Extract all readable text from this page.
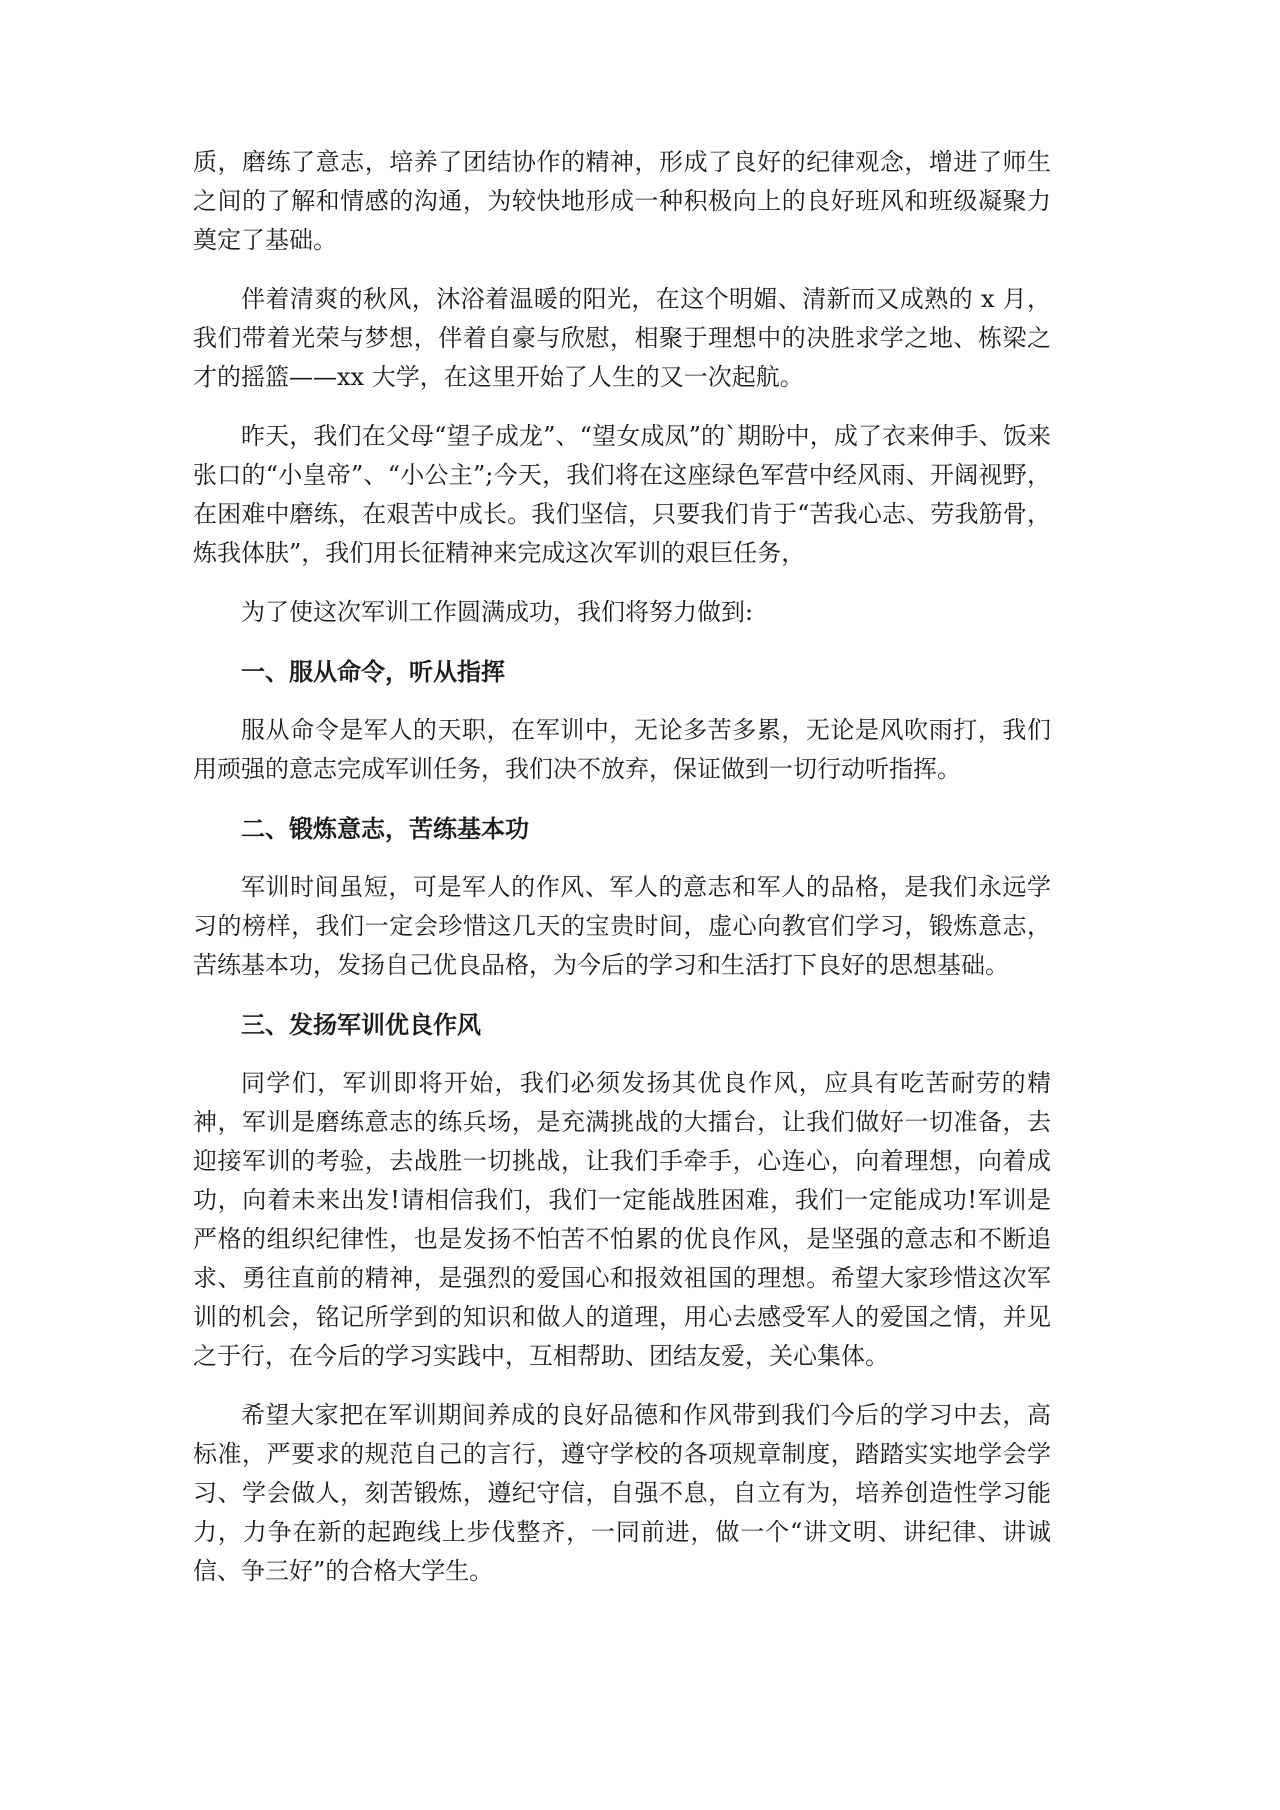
质，磨练了意志，培养了团结协作的精神，形成了良好的纪律观念，增进了师生之间的了解和情感的沟通，为较快地形成一种积极向上的良好班风和班级凝聚力奠定了基础。

伴着清爽的秋风，沐浴着温暖的阳光，在这个明媚、清新而又成熟的 x 月，我们带着光荣与梦想，伴着自豪与欣慰，相聚于理想中的决胜求学之地、栋梁之才的摇篮——xx 大学，在这里开始了人生的又一次起航。

昨天，我们在父母“望子成龙”、“望女成凤”的`期盼中，成了衣来伸手、饭来张口的“小皇帝”、“小公主”;今天，我们将在这座绿色军营中经风雨、开阔视野，在困难中磨练，在艰苦中成长。我们坚信，只要我们肯于“苦我心志、劳我筋骨，炼我体肤”，我们用长征精神来完成这次军训的艰巨任务，

为了使这次军训工作圆满成功，我们将努力做到:

一、服从命令，听从指挥

服从命令是军人的天职，在军训中，无论多苦多累，无论是风吹雨打，我们用顽强的意志完成军训任务，我们决不放弃，保证做到一切行动听指挥。

二、锻炼意志，苦练基本功

军训时间虽短，可是军人的作风、军人的意志和军人的品格，是我们永远学习的榜样，我们一定会珍惜这几天的宝贵时间，虚心向教官们学习，锻炼意志，苦练基本功，发扬自己优良品格，为今后的学习和生活打下良好的思想基础。

三、发扬军训优良作风

同学们，军训即将开始，我们必须发扬其优良作风，应具有吃苦耐劳的精神，军训是磨练意志的练兵场，是充满挑战的大擂台，让我们做好一切准备，去迎接军训的考验，去战胜一切挑战，让我们手牵手，心连心，向着理想，向着成功，向着未来出发!请相信我们，我们一定能战胜困难，我们一定能成功!军训是严格的组织纪律性，也是发扬不怕苦不怕累的优良作风，是坚强的意志和不断追求、勇往直前的精神，是强烈的爱国心和报效祖国的理想。希望大家珍惜这次军训的机会，铭记所学到的知识和做人的道理，用心去感受军人的爱国之情，并见之于行，在今后的学习实践中，互相帮助、团结友爱，关心集体。

希望大家把在军训期间养成的良好品德和作风带到我们今后的学习中去，高标准，严要求的规范自己的言行，遵守学校的各项规章制度，踏踏实实地学会学习、学会做人，刻苦锻炼，遵纪守信，自强不息，自立有为，培养创造性学习能力，力争在新的起跑线上步伐整齐，一同前进，做一个“讲文明、讲纪律、讲诚信、争三好”的合格大学生。
